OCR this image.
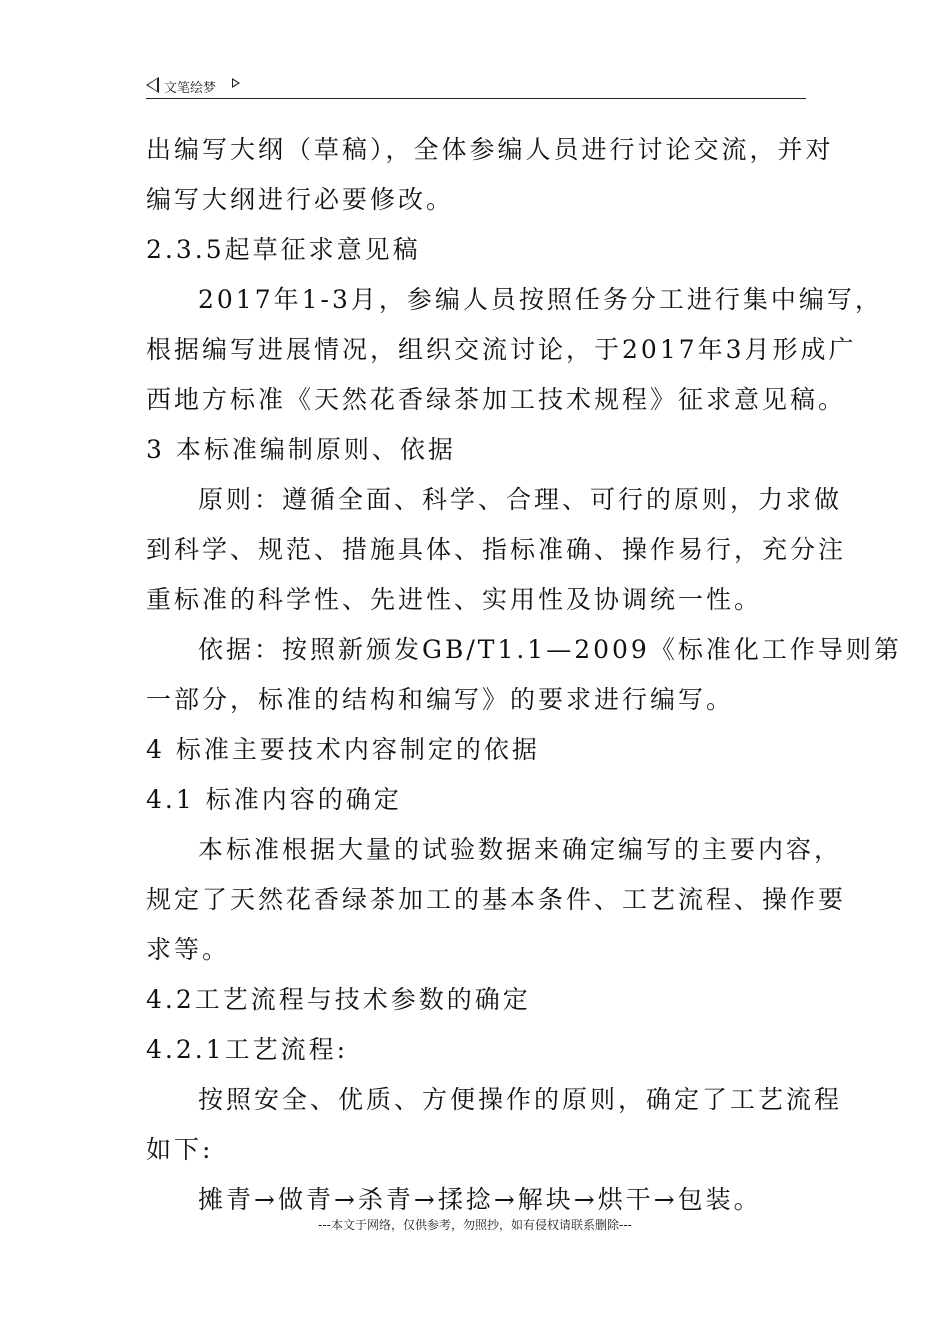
文笔绘梦
出编写大纲（草稿），全体参编人员进行讨论交流，并对
编写大纲进行必要修改。
2.3.5起草征求意见稿
2017年1-3月，参编人员按照任务分工进行集中编写，
根据编写进展情况，组织交流讨论，于2017年3月形成广
西地方标准《天然花香绿茶加工技术规程》征求意见稿。
3 本标准编制原则、依据
原则：遵循全面、科学、合理、可行的原则，力求做
到科学、规范、措施具体、指标准确、操作易行，充分注
重标准的科学性、先进性、实用性及协调统一性。
依据：按照新颁发GB/T1.1—2009《标准化工作导则第
一部分，标准的结构和编写》的要求进行编写。
4 标准主要技术内容制定的依据
4.1 标准内容的确定
本标准根据大量的试验数据来确定编写的主要内容，
规定了天然花香绿茶加工的基本条件、工艺流程、操作要
求等。
4.2工艺流程与技术参数的确定
4.2.1工艺流程:
按照安全、优质、方便操作的原则，确定了工艺流程
如下:
摊青→做青→杀青→揉捻→解块→烘干→包装。
---本文于网络，仅供参考，勿照抄，如有侵权请联系删除---
